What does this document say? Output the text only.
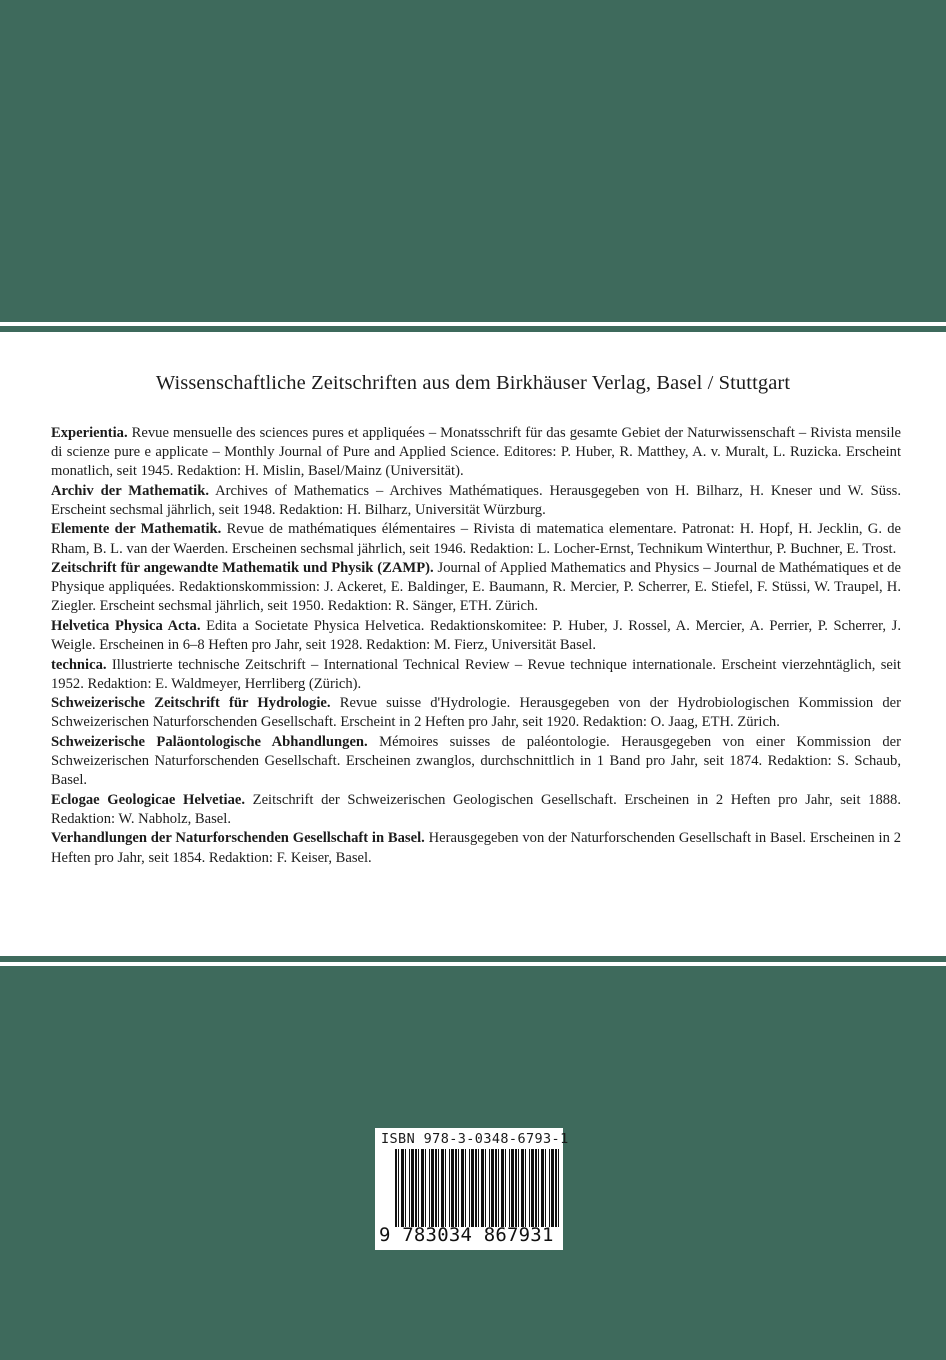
Wissenschaftliche Zeitschriften aus dem Birkhäuser Verlag, Basel / Stuttgart
Experientia. Revue mensuelle des sciences pures et appliquées – Monatsschrift für das gesamte Gebiet der Naturwissenschaft – Rivista mensile di scienze pure e applicate – Monthly Journal of Pure and Applied Science. Editores: P. Huber, R. Matthey, A. v. Muralt, L. Ruzicka. Erscheint monatlich, seit 1945. Redaktion: H. Mislin, Basel/Mainz (Universität).
Archiv der Mathematik. Archives of Mathematics – Archives Mathématiques. Herausgegeben von H. Bilharz, H. Kneser und W. Süss. Erscheint sechsmal jährlich, seit 1948. Redaktion: H. Bilharz, Universität Würzburg.
Elemente der Mathematik. Revue de mathématiques élémentaires – Rivista di matematica elementare. Patronat: H. Hopf, H. Jecklin, G. de Rham, B. L. van der Waerden. Erscheinen sechsmal jährlich, seit 1946. Redaktion: L. Locher-Ernst, Technikum Winterthur, P. Buchner, E. Trost.
Zeitschrift für angewandte Mathematik und Physik (ZAMP). Journal of Applied Mathematics and Physics – Journal de Mathématiques et de Physique appliquées. Redaktionskommission: J. Ackeret, E. Baldinger, E. Baumann, R. Mercier, P. Scherrer, E. Stiefel, F. Stüssi, W. Traupel, H. Ziegler. Erscheint sechsmal jährlich, seit 1950. Redaktion: R. Sänger, ETH. Zürich.
Helvetica Physica Acta. Edita a Societate Physica Helvetica. Redaktionskomitee: P. Huber, J. Rossel, A. Mercier, A. Perrier, P. Scherrer, J. Weigle. Erscheinen in 6–8 Heften pro Jahr, seit 1928. Redaktion: M. Fierz, Universität Basel.
technica. Illustrierte technische Zeitschrift – International Technical Review – Revue technique internationale. Erscheint vierzehntäglich, seit 1952. Redaktion: E. Waldmeyer, Herrliberg (Zürich).
Schweizerische Zeitschrift für Hydrologie. Revue suisse d'Hydrologie. Herausgegeben von der Hydrobiologischen Kommission der Schweizerischen Naturforschenden Gesellschaft. Erscheint in 2 Heften pro Jahr, seit 1920. Redaktion: O. Jaag, ETH. Zürich.
Schweizerische Paläontologische Abhandlungen. Mémoires suisses de paléontologie. Herausgegeben von einer Kommission der Schweizerischen Naturforschenden Gesellschaft. Erscheinen zwanglos, durchschnittlich in 1 Band pro Jahr, seit 1874. Redaktion: S. Schaub, Basel.
Eclogae Geologicae Helvetiae. Zeitschrift der Schweizerischen Geologischen Gesellschaft. Erscheinen in 2 Heften pro Jahr, seit 1888. Redaktion: W. Nabholz, Basel.
Verhandlungen der Naturforschenden Gesellschaft in Basel. Herausgegeben von der Naturforschenden Gesellschaft in Basel. Erscheinen in 2 Heften pro Jahr, seit 1854. Redaktion: F. Keiser, Basel.
ISBN 978-3-0348-6793-1
9 783034 867931
